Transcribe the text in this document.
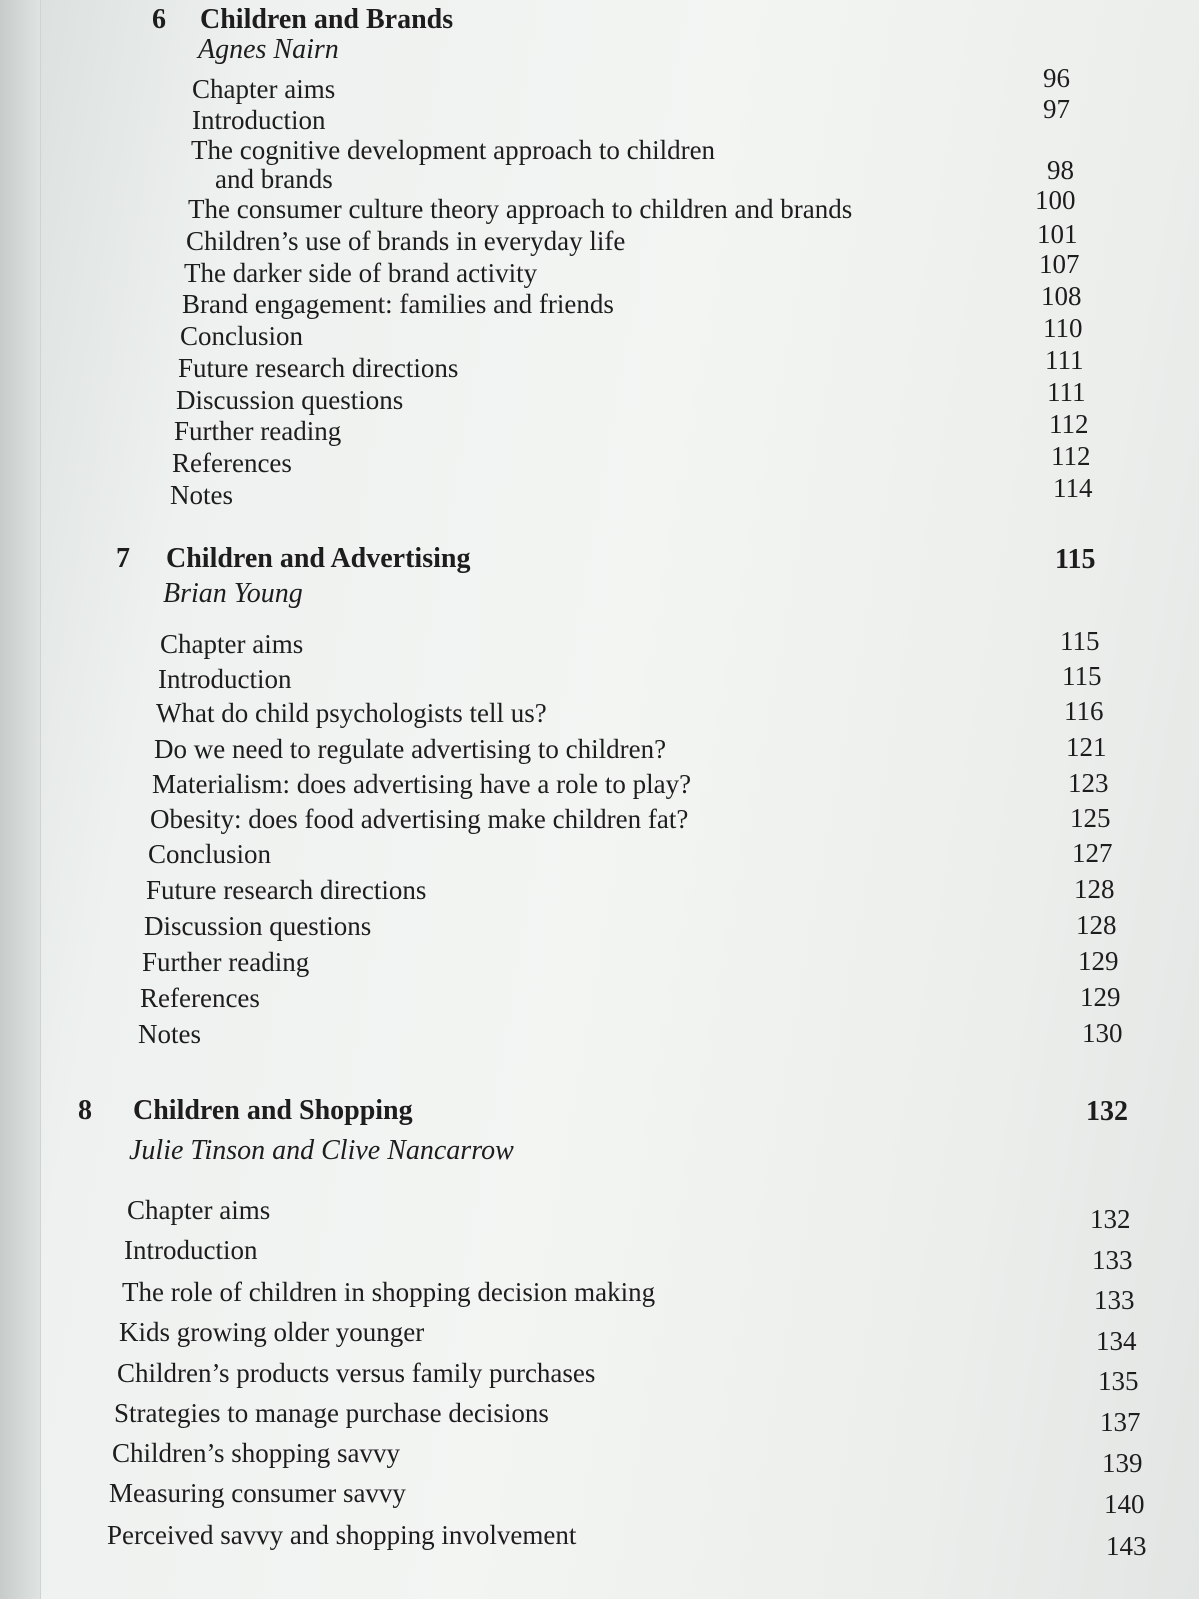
6 Children and Brands
Agnes Nairn
Chapter aims	96
Introduction	97
The cognitive development approach to children
and brands	98
The consumer culture theory approach to children and brands	100
Children’s use of brands in everyday life	101
The darker side of brand activity	107
Brand engagement: families and friends	108
Conclusion	110
Future research directions	111
Discussion questions	111
Further reading	112
References	112
Notes	114
7 Children and Advertising	115
Brian Young
Chapter aims	115
Introduction	115
What do child psychologists tell us?	116
Do we need to regulate advertising to children?	121
Materialism: does advertising have a role to play?	123
Obesity: does food advertising make children fat?	125
Conclusion	127
Future research directions	128
Discussion questions	128
Further reading	129
References	129
Notes	130
8 Children and Shopping	132
Julie Tinson and Clive Nancarrow
Chapter aims	132
Introduction	133
The role of children in shopping decision making	133
Kids growing older younger	134
Children’s products versus family purchases	135
Strategies to manage purchase decisions	137
Children’s shopping savvy	139
Measuring consumer savvy	140
Perceived savvy and shopping involvement	143
